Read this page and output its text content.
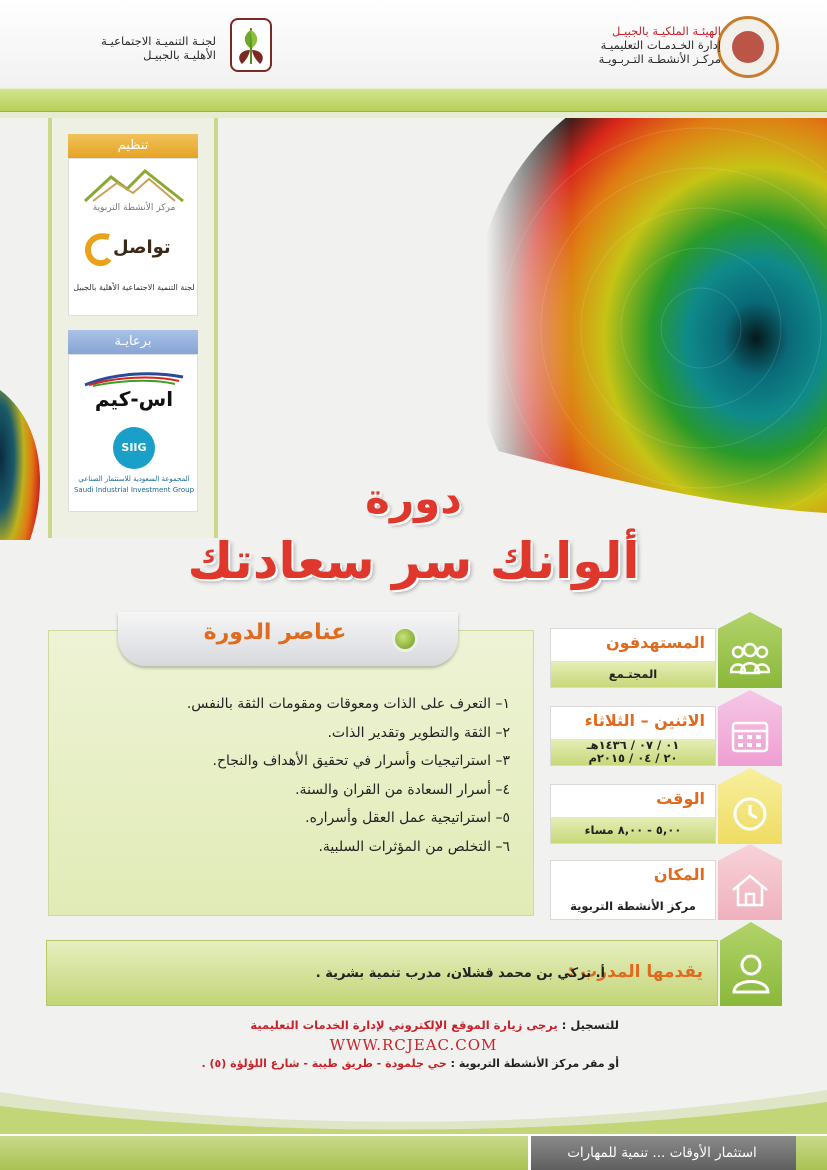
الهيئـة الملكيـة بالجبيـل
إدارة الخـدمـات التعليميـة
مركـز الأنشطـة التـربـويـة
لجنـة التنميـة الاجتماعيـة
الأهليـة بالجبيـل
تنظيم
مركز الأنشطة التربوية
تواصل
لجنة التنمية الاجتماعية الأهلية بالجبيل
برعايـة
اس-كيم
SIIG
المجموعة السعودية للاستثمار الصناعي
Saudi Industrial Investment Group	دورة
ألوانك سر سعادتك
عناصر الدورة
١– التعرف على الذات ومعوقات ومقومات الثقة بالنفس.
٢– الثقة والتطوير وتقدير الذات.
٣– استراتيجيات وأسرار في تحقيق الأهداف والنجاح.
٤– أسرار السعادة من القران والسنة.
٥– استراتيجية عمل العقل وأسراره.
٦– التخلص من المؤثرات السلبية.
المستهدفون
المجتـمع
الاثنين – الثلاثاء
٠١ / ٠٧ / ١٤٣٦هـ
٢٠ / ٠٤ / ٢٠١٥م
الوقت
٥,٠٠ - ٨,٠٠ مساء
المكان
مركز الأنشطة التربوية
يقدمها المدرب :
أ. تركي بن محمد قشلان، مدرب تنمية بشرية .
للتسجيل : يرجى زيارة الموقع الإلكتروني لإدارة الخدمات التعليمية
WWW.RCJEAC.COM
أو مقر مركز الأنشطة التربوية : حي جلمودة - طريق طيبة - شارع اللؤلؤة (٥) .
استثمار الأوقات ... تنمية للمهارات
